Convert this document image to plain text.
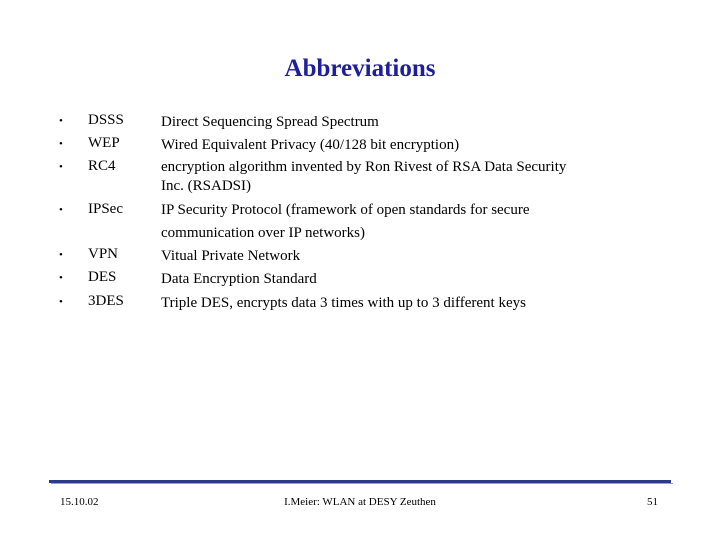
Abbreviations
• DSSS Direct Sequencing Spread Spectrum
• WEP	Wired Equivalent Privacy (40/128 bit encryption)
• RC4	encryption algorithm invented by Ron Rivest of RSA Data Security
Inc. (RSADSI)
• IPSec	IP Security Protocol (framework of open standards for secure
communication over IP networks)
• VPN	Vitual Private Network
• DES	Data Encryption Standard
• 3DES Triple DES, encrypts data 3 times with up to 3 different keys
15.10.02	I.Meier: WLAN at DESY Zeuthen	51
